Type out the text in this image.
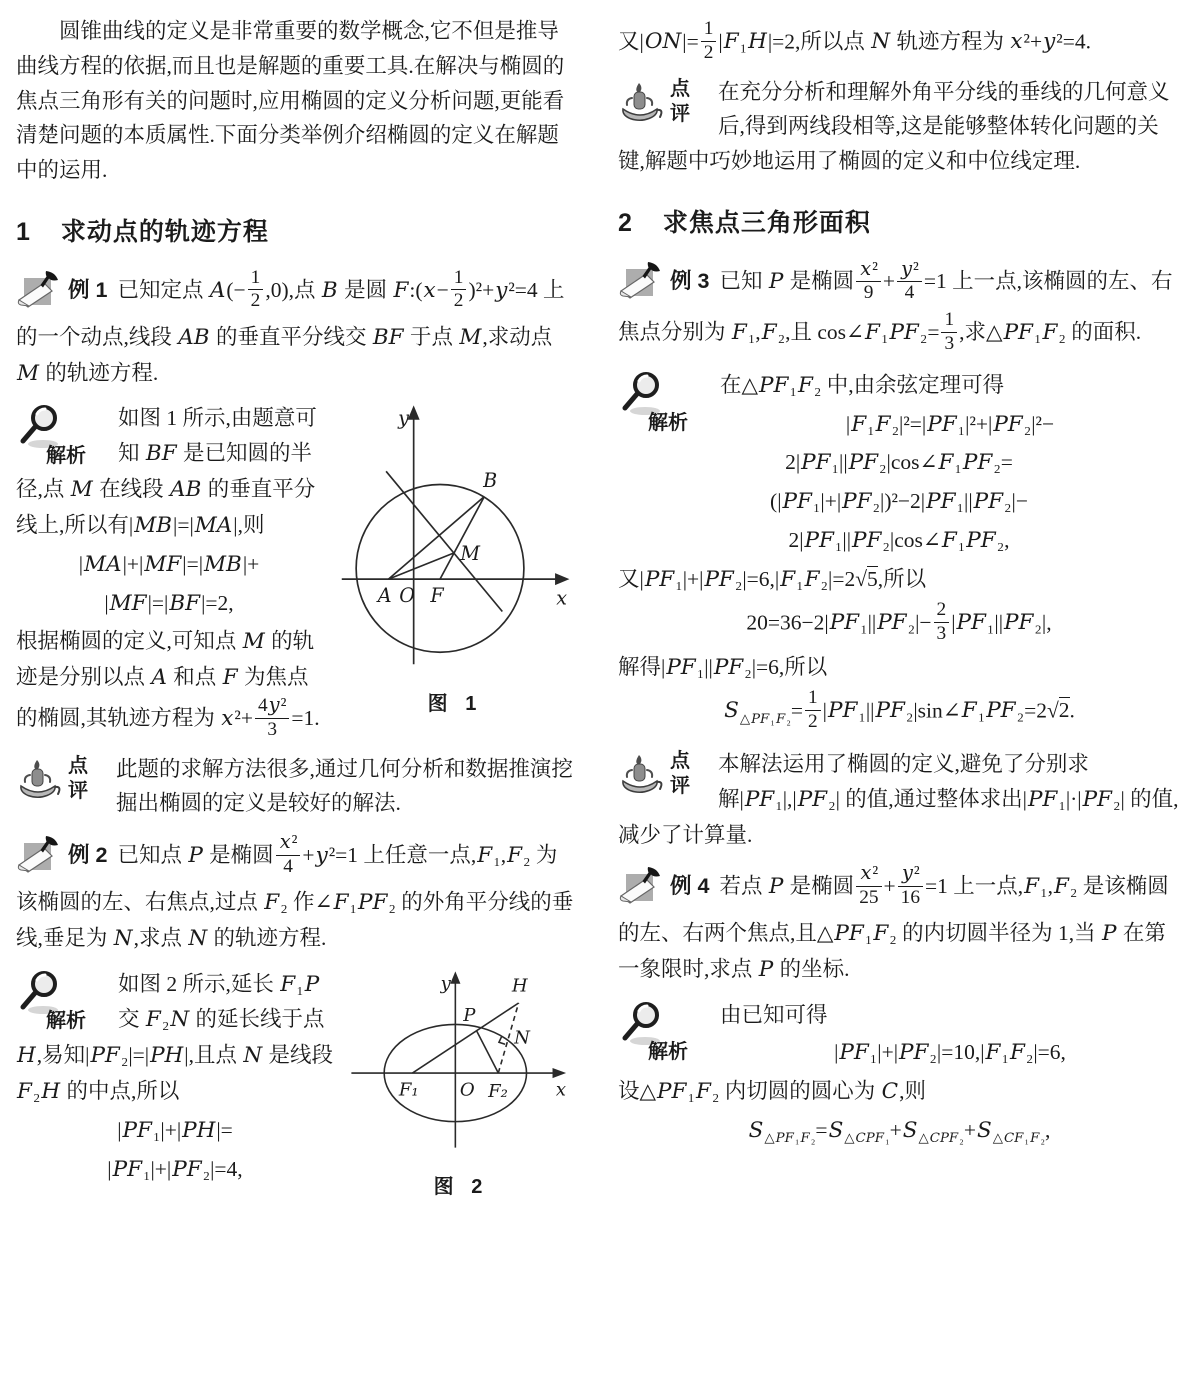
圆锥曲线的定义是非常重要的数学概念,它不但是推导曲线方程的依据,而且也是解题的重要工具.在解决与椭圆的焦点三角形有关的问题时,应用椭圆的定义分析问题,更能看清楚问题的本质属性.下面分类举例介绍椭圆的定义在解题中的运用.

1 求动点的轨迹方程
例 1 已知定点 $A(- \frac{1}{2} ,0)$,点 B 是圆 F:(x− $\frac{1}{2} )^2+y^2=4$ 上的一个动点,线段 AB 的垂直平分线交 BF 于点 M,求动点 M 的轨迹方程.
y
x
B
M
A O F
图 1
解析
如图 1 所示,由题意可知 BF 是已知圆的半径,点 M 在线段 AB 的垂直平分线上,所以有|MB|=|MA|,则
|MA|+|MF|=|MB|+
|MF|=|BF|=2,
根据椭圆的定义,可知点 M 的轨迹是分别以点 A 和点 F 为焦点的椭圆,其轨迹方程为 $x^2+ \frac{\text{4y²}}{3} =1$.
点
评
此题的求解方法很多,通过几何分析和数据推演挖掘出椭圆的定义是较好的解法.
例 2 已知点 P 是椭圆 $\frac{\text{x²}}{4} +y^2=1$ 上任意一点,F₁,F₂ 为该椭圆的左、右焦点,过点 F₂ 作∠F₁PF₂ 的外角平分线的垂线,垂足为 N,求点 N 的轨迹方程.
y
x
H
P
N
F₁	O F₂
图 2
解析
如图 2 所示,延长 F₁P 交 F₂N 的延长线于点 H,易知|PF₂|=|PH|,且点 N 是线段 F₂H 的中点,所以
|PF₁|+|PH|=
|PF₁|+|PF₂|=4,

又$|ON|= \frac{1}{2} |F_1H|=2$,所以点 N 轨迹方程为 x²+y²=4.

点
评
在充分分析和理解外角平分线的垂线的几何意义后,得到两线段相等,这是能够整体转化问题的关键,解题中巧妙地运用了椭圆的定义和中位线定理.
2 求焦点三角形面积
例 3 已知 P 是椭圆 $\frac{\text{x²}}{9} + \frac{\text{y²}}{4} =1$ 上一点,该椭圆的左、右焦点分别为 F₁,F₂,且 cos∠F₁PF₂= $\frac{1}{3}$ ,求△PF₁F₂ 的面积.
解析
在△PF₁F₂ 中,由余弦定理可得
|F₁F₂|²=|PF₁|²+|PF₂|²−
2|PF₁||PF₂|cos∠F₁PF₂=
(|PF₁|+|PF₂|)²−2|PF₁||PF₂|−
2|PF₁||PF₂|cos∠F₁PF₂,
又|PF₁|+|PF₂|=6,|F₁F₂|=2√5,所以
$20=36-2|PF_1||PF_2|- \frac{2}{3} |PF_1||PF_2|$,
解得|PF₁||PF₂|=6,所以
$S_{\triangle PF_1F_2}= \frac{1}{2}$ |PF₁||PF₂|sin∠F₁PF₂=2√2.
点
评
本解法运用了椭圆的定义,避免了分别求解|PF₁|,|PF₂| 的值,通过整体求出|PF₁|·|PF₂| 的值,减少了计算量.
例 4 若点 P 是椭圆 $\frac{\text{x²}}{25} + \frac{\text{y²}}{16} =1$ 上一点,F₁,F₂ 是该椭圆的左、右两个焦点,且△PF₁F₂ 的内切圆半径为 1,当 P 在第一象限时,求点 P 的坐标.
解析
由已知可得
|PF₁|+|PF₂|=10,|F₁F₂|=6,
设△PF₁F₂ 内切圆的圆心为 C,则
$S_{\triangle PF_1F_2}=S_{\triangle CPF_1}+S_{\triangle CPF_2}+S_{\triangle CF_1F_2}$,
